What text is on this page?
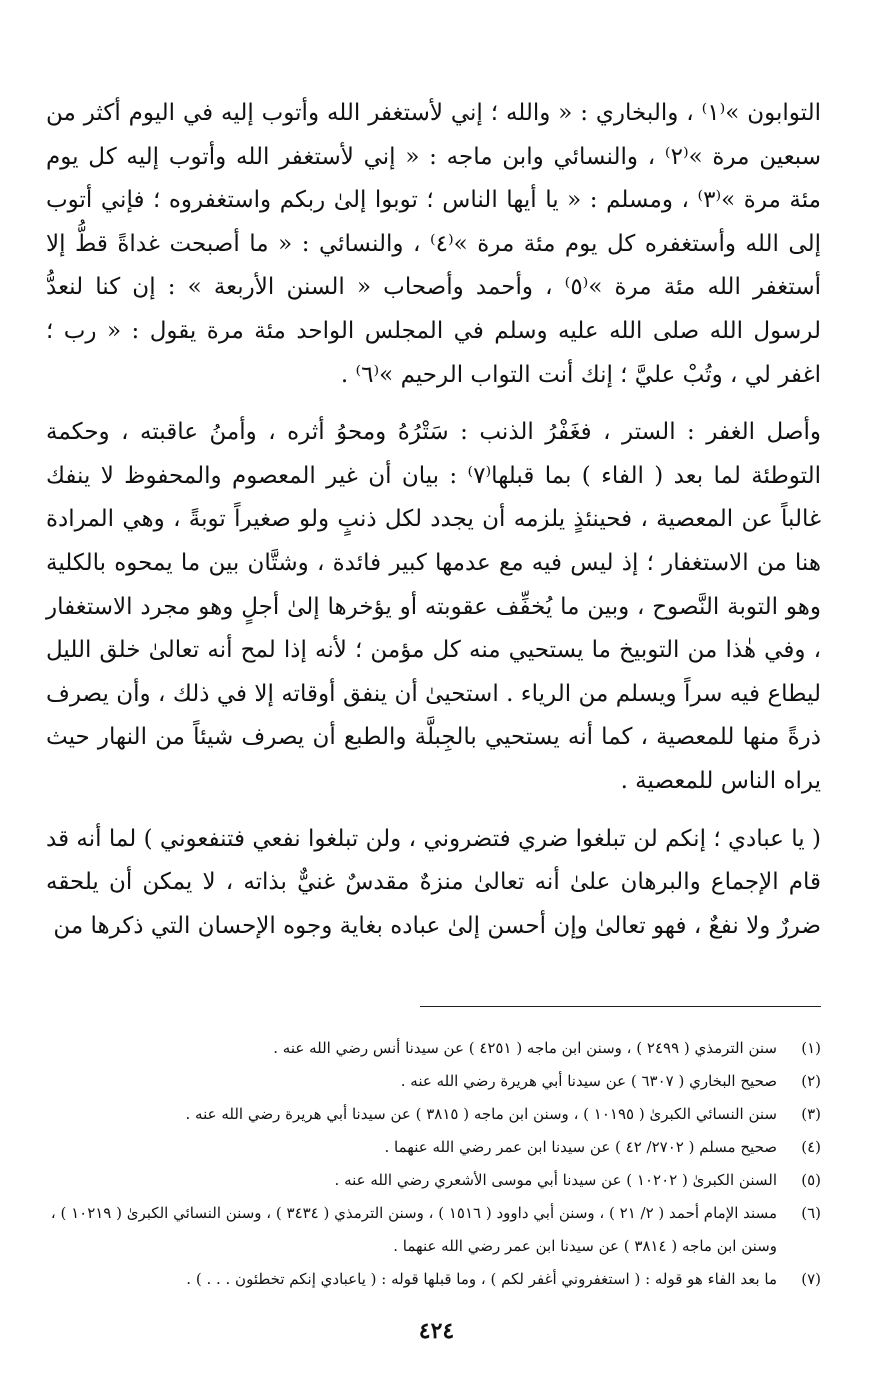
التوابون »⁽١⁾ ، والبخاري : « والله ؛ إني لأستغفر الله وأتوب إليه في اليوم أكثر من سبعين مرة »⁽٢⁾ ، والنسائي وابن ماجه : « إني لأستغفر الله وأتوب إليه كل يوم مئة مرة »⁽٣⁾ ، ومسلم : « يا أيها الناس ؛ توبوا إلىٰ ربكم واستغفروه ؛ فإني أتوب إلى الله وأستغفره كل يوم مئة مرة »⁽٤⁾ ، والنسائي : « ما أصبحت غداةً قطُّ إلا أستغفر الله مئة مرة »⁽٥⁾ ، وأحمد وأصحاب « السنن الأربعة » : إن كنا لنعدُّ لرسول الله صلى الله عليه وسلم في المجلس الواحد مئة مرة يقول : « رب ؛ اغفر لي ، وتُبْ عليَّ ؛ إنك أنت التواب الرحيم »⁽٦⁾ .

وأصل الغفر : الستر ، فغَفْرُ الذنب : سَتْرُهُ ومحوُ أثره ، وأمنُ عاقبته ، وحكمة التوطئة لما بعد ( الفاء ) بما قبلها⁽٧⁾ : بيان أن غير المعصوم والمحفوظ لا ينفك غالباً عن المعصية ، فحينئذٍ يلزمه أن يجدد لكل ذنبٍ ولو صغيراً توبةً ، وهي المرادة هنا من الاستغفار ؛ إذ ليس فيه مع عدمها كبير فائدة ، وشتَّان بين ما يمحوه بالكلية وهو التوبة النَّصوح ، وبين ما يُخفِّف عقوبته أو يؤخرها إلىٰ أجلٍ وهو مجرد الاستغفار ، وفي هٰذا من التوبيخ ما يستحيي منه كل مؤمن ؛ لأنه إذا لمح أنه تعالىٰ خلق الليل ليطاع فيه سراً ويسلم من الرياء . استحيىٰ أن ينفق أوقاته إلا في ذلك ، وأن يصرف ذرةً منها للمعصية ، كما أنه يستحيي بالجِبلَّة والطبع أن يصرف شيئاً من النهار حيث يراه الناس للمعصية .

( يا عبادي ؛ إنكم لن تبلغوا ضري فتضروني ، ولن تبلغوا نفعي فتنفعوني ) لما أنه قد قام الإجماع والبرهان علىٰ أنه تعالىٰ منزهٌ مقدسٌ غنيٌّ بذاته ، لا يمكن أن يلحقه ضررٌ ولا نفعٌ ، فهو تعالىٰ وإن أحسن إلىٰ عباده بغاية وجوه الإحسان التي ذكرها من

(١)
سنن الترمذي ( ٢٤٩٩ ) ، وسنن ابن ماجه ( ٤٢٥١ ) عن سيدنا أنس رضي الله عنه .
(٢)
صحيح البخاري ( ٦٣٠٧ ) عن سيدنا أبي هريرة رضي الله عنه .
(٣)
سنن النسائي الكبرىٰ ( ١٠١٩٥ ) ، وسنن ابن ماجه ( ٣٨١٥ ) عن سيدنا أبي هريرة رضي الله عنه .
(٤)
صحيح مسلم ( ٢٧٠٢/ ٤٢ ) عن سيدنا ابن عمر رضي الله عنهما .
(٥)
السنن الكبرىٰ ( ١٠٢٠٢ ) عن سيدنا أبي موسى الأشعري رضي الله عنه .
(٦)
مسند الإمام أحمد ( ٢/ ٢١ ) ، وسنن أبي داوود ( ١٥١٦ ) ، وسنن الترمذي ( ٣٤٣٤ ) ، وسنن النسائي الكبرىٰ ( ١٠٢١٩ ) ، وسنن ابن ماجه ( ٣٨١٤ ) عن سيدنا ابن عمر رضي الله عنهما .
(٧)
ما بعد الفاء هو قوله : ( استغفروني أغفر لكم ) ، وما قبلها قوله : ( ياعبادي إنكم تخطئون . . . ) .
٤٢٤
